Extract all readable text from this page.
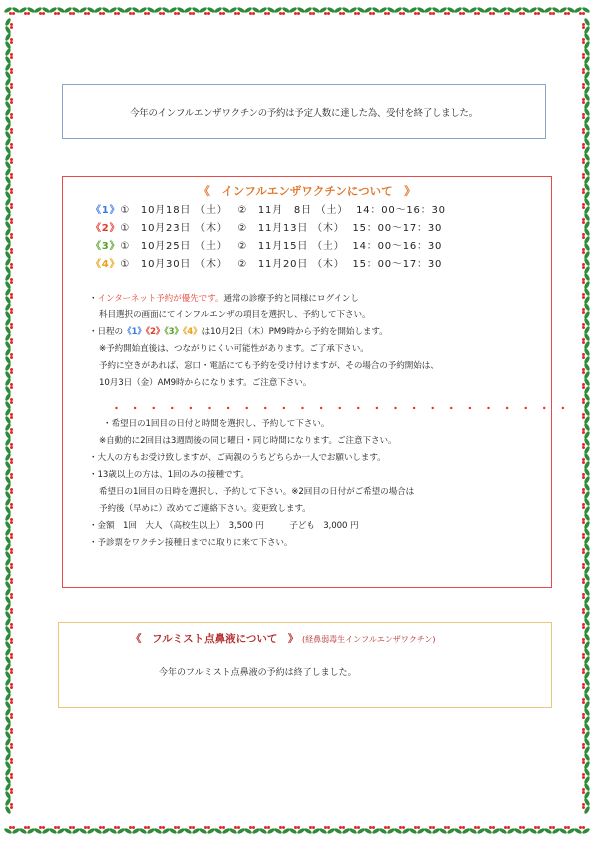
今年のインフルエンザワクチンの予約は予定人数に達した為、受付を終了しました。
《　インフルエンザワクチンについて　》
《1》①　10月18日 （土）　 ②　11月　8日 （土）  14：00〜16：30
《2》①　10月23日 （木）　 ②　11月13日 （木）  15：00〜17：30
《3》①　10月25日 （土）　 ②　11月15日 （土）  14：00〜16：30
《4》①　10月30日 （木）　 ②　11月20日 （木）  15：00〜17：30
・インターネット予約が優先です。通常の診療予約と同様にログインし
科目選択の画面にてインフルエンザの項目を選択し、予約して下さい。
・日程の《1》《2》《3》《4》は10月2日（木）PM9時から予約を開始します。
※予約開始直後は、つながりにくい可能性があります。ご了承下さい。
予約に空きがあれば、窓口・電話にても予約を受け付けますが、その場合の予約開始は、
10月3日（金）AM9時からになります。ご注意下さい。
・・・・・・・・・・・・・・・・・・・・・・・・・
・希望日の1回目の日付と時間を選択し、予約して下さい。
※自動的に2回目は3週間後の同じ曜日・同じ時間になります。ご注意下さい。
・大人の方もお受け致しますが、ご両親のうちどちらか一人でお願いします。
・13歳以上の方は、1回のみの接種です。
希望日の1回目の日時を選択し、予約して下さい。※2回目の日付がご希望の場合は
予約後（早めに）改めてご連絡下さい。変更致します。
・金額　1回　大人 （高校生以上）　3,500 円　　　子ども　3,000 円
・予診票をワクチン接種日までに取りに来て下さい。
《　フルミスト点鼻液について　》 (経鼻弱毒生インフルエンザワクチン)
今年のフルミスト点鼻液の予約は終了しました。
